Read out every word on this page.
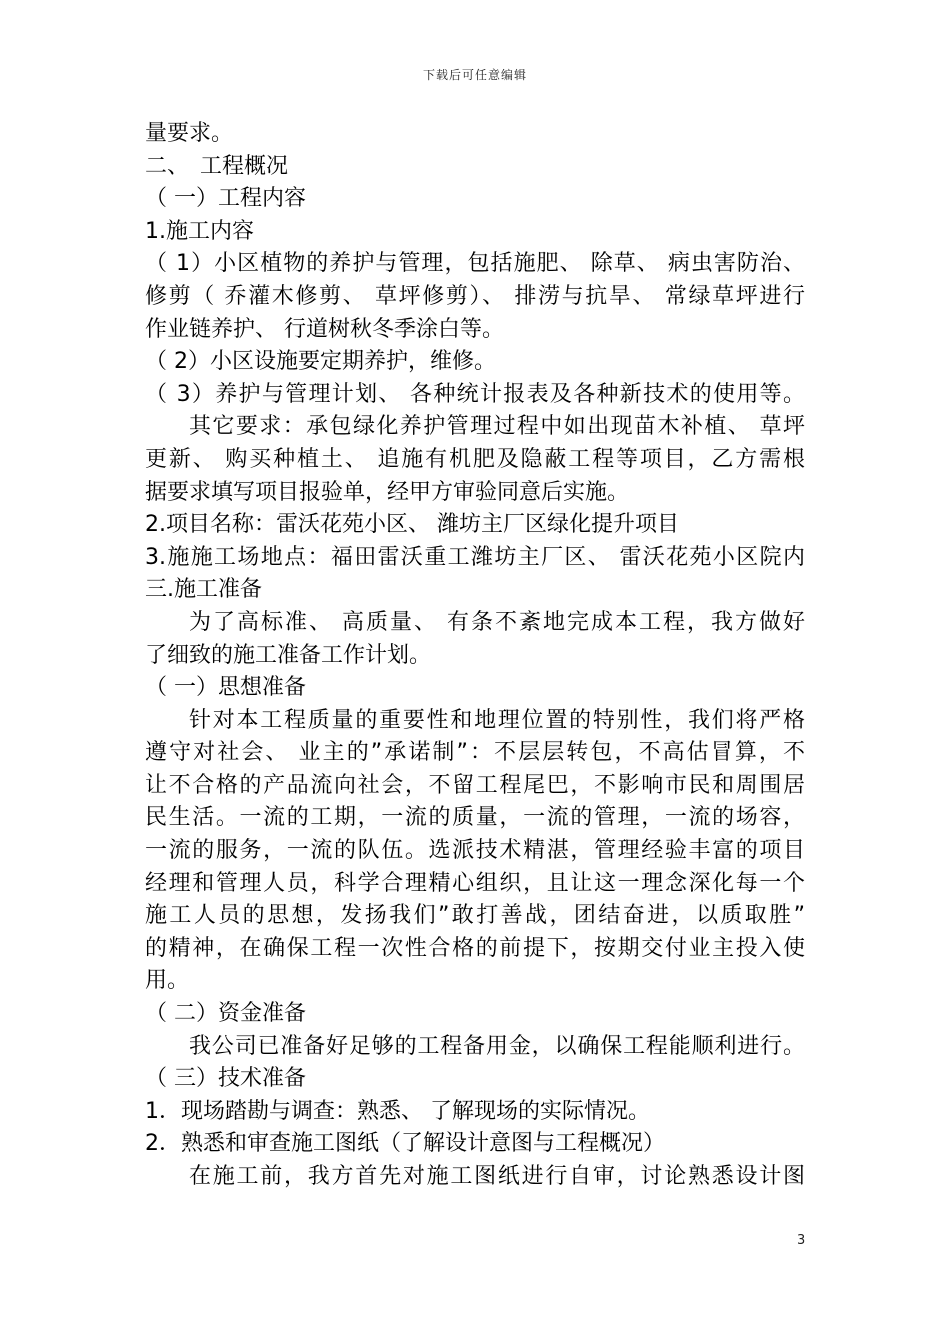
下载后可任意编辑
量要求。
二、　工程概况
（ 一）工程内容
1.施工内容
（ 1）小区植物的养护与管理，包括施肥、 除草、 病虫害防治、
修剪（ 乔灌木修剪、 草坪修剪）、 排涝与抗旱、 常绿草坪进行
作业链养护、 行道树秋冬季涂白等。
（ 2）小区设施要定期养护，维修。
（ 3）养护与管理计划、 各种统计报表及各种新技术的使用等。
其它要求：承包绿化养护管理过程中如出现苗木补植、 草坪
更新、 购买种植土、 追施有机肥及隐蔽工程等项目，乙方需根
据要求填写项目报验单，经甲方审验同意后实施。
2.项目名称：雷沃花苑小区、 潍坊主厂区绿化提升项目
3.施施工场地点：福田雷沃重工潍坊主厂区、 雷沃花苑小区院内
三.施工准备
为了高标准、 高质量、 有条不紊地完成本工程，我方做好
了细致的施工准备工作计划。
（ 一）思想准备
针对本工程质量的重要性和地理位置的特别性，我们将严格
遵守对社会、 业主的”承诺制”：不层层转包，不高估冒算，不
让不合格的产品流向社会，不留工程尾巴，不影响市民和周围居
民生活。一流的工期，一流的质量，一流的管理，一流的场容，
一流的服务，一流的队伍。选派技术精湛，管理经验丰富的项目
经理和管理人员，科学合理精心组织，且让这一理念深化每一个
施工人员的思想，发扬我们”敢打善战，团结奋进，以质取胜”
的精神，在确保工程一次性合格的前提下，按期交付业主投入使
用。
（ 二）资金准备
我公司已准备好足够的工程备用金，以确保工程能顺利进行。
（ 三）技术准备
1．现场踏勘与调查：熟悉、 了解现场的实际情况。
2．熟悉和审查施工图纸（了解设计意图与工程概况）
在施工前，我方首先对施工图纸进行自审，讨论熟悉设计图
3
